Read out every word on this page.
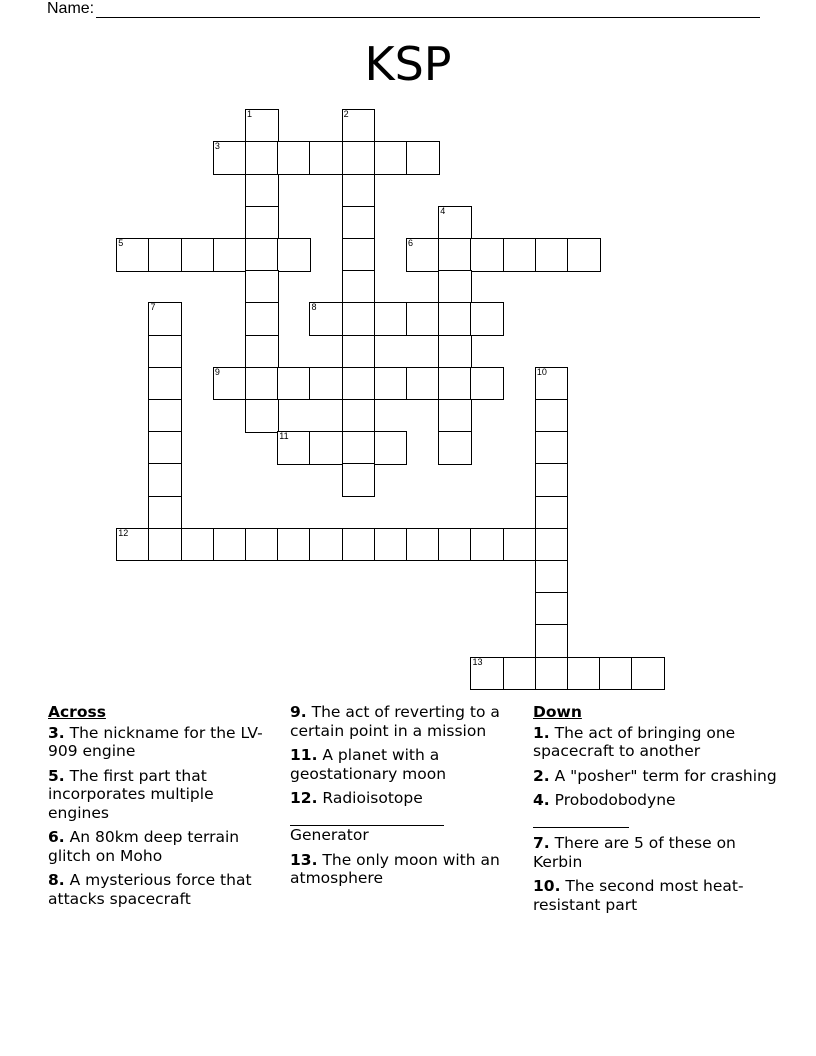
Name:
KSP
1	2
3
4
5	6
7	8
9	10
11
12
13
Across
3. The nickname for the LV-909 engine
5. The first part that incorporates multiple engines
6. An 80km deep terrain glitch on Moho
8. A mysterious force that attacks spacecraft
9. The act of reverting to a certain point in a mission
11. A planet with a geostationary moon
12. Radioisotope

Generator
13. The only moon with an atmosphere
Down
1. The act of bringing one spacecraft to another
2. A "posher" term for crashing
4. Probodobodyne

7. There are 5 of these on Kerbin
10. The second most heat-resistant part
